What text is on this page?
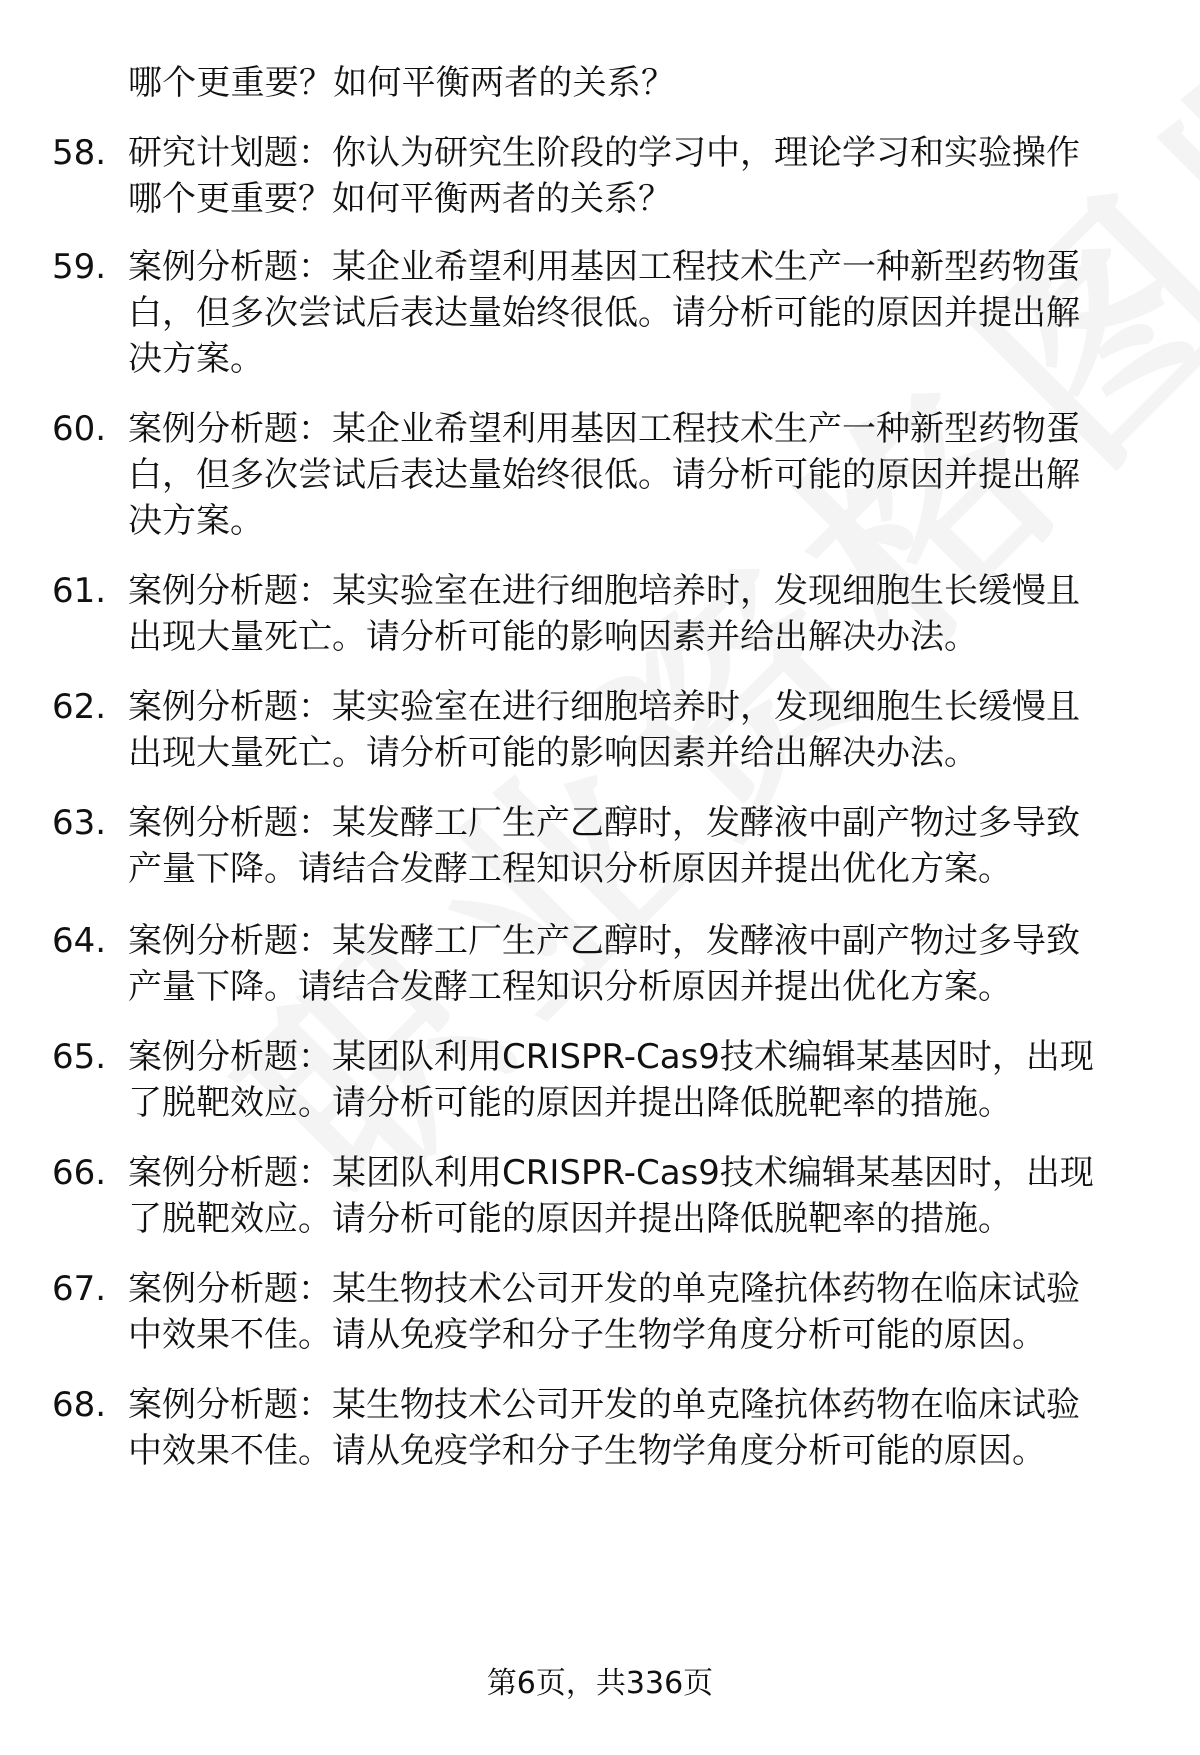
哪个更重要？如何平衡两者的关系？
58. 研究计划题：你认为研究生阶段的学习中，理论学习和实验操作
哪个更重要？如何平衡两者的关系？
59. 案例分析题：某企业希望利用基因工程技术生产一种新型药物蛋
白，但多次尝试后表达量始终很低。请分析可能的原因并提出解
决方案。
60. 案例分析题：某企业希望利用基因工程技术生产一种新型药物蛋
白，但多次尝试后表达量始终很低。请分析可能的原因并提出解
决方案。
61. 案例分析题：某实验室在进行细胞培养时，发现细胞生长缓慢且
出现大量死亡。请分析可能的影响因素并给出解决办法。
62. 案例分析题：某实验室在进行细胞培养时，发现细胞生长缓慢且
出现大量死亡。请分析可能的影响因素并给出解决办法。
63. 案例分析题：某发酵工厂生产乙醇时，发酵液中副产物过多导致
产量下降。请结合发酵工程知识分析原因并提出优化方案。
64. 案例分析题：某发酵工厂生产乙醇时，发酵液中副产物过多导致
产量下降。请结合发酵工程知识分析原因并提出优化方案。
65. 案例分析题：某团队利用CRISPR-Cas9技术编辑某基因时，出现
了脱靶效应。请分析可能的原因并提出降低脱靶率的措施。
66. 案例分析题：某团队利用CRISPR-Cas9技术编辑某基因时，出现
了脱靶效应。请分析可能的原因并提出降低脱靶率的措施。
67. 案例分析题：某生物技术公司开发的单克隆抗体药物在临床试验
中效果不佳。请从免疫学和分子生物学角度分析可能的原因。
68. 案例分析题：某生物技术公司开发的单克隆抗体药物在临床试验
中效果不佳。请从免疫学和分子生物学角度分析可能的原因。
第6页，共336页
